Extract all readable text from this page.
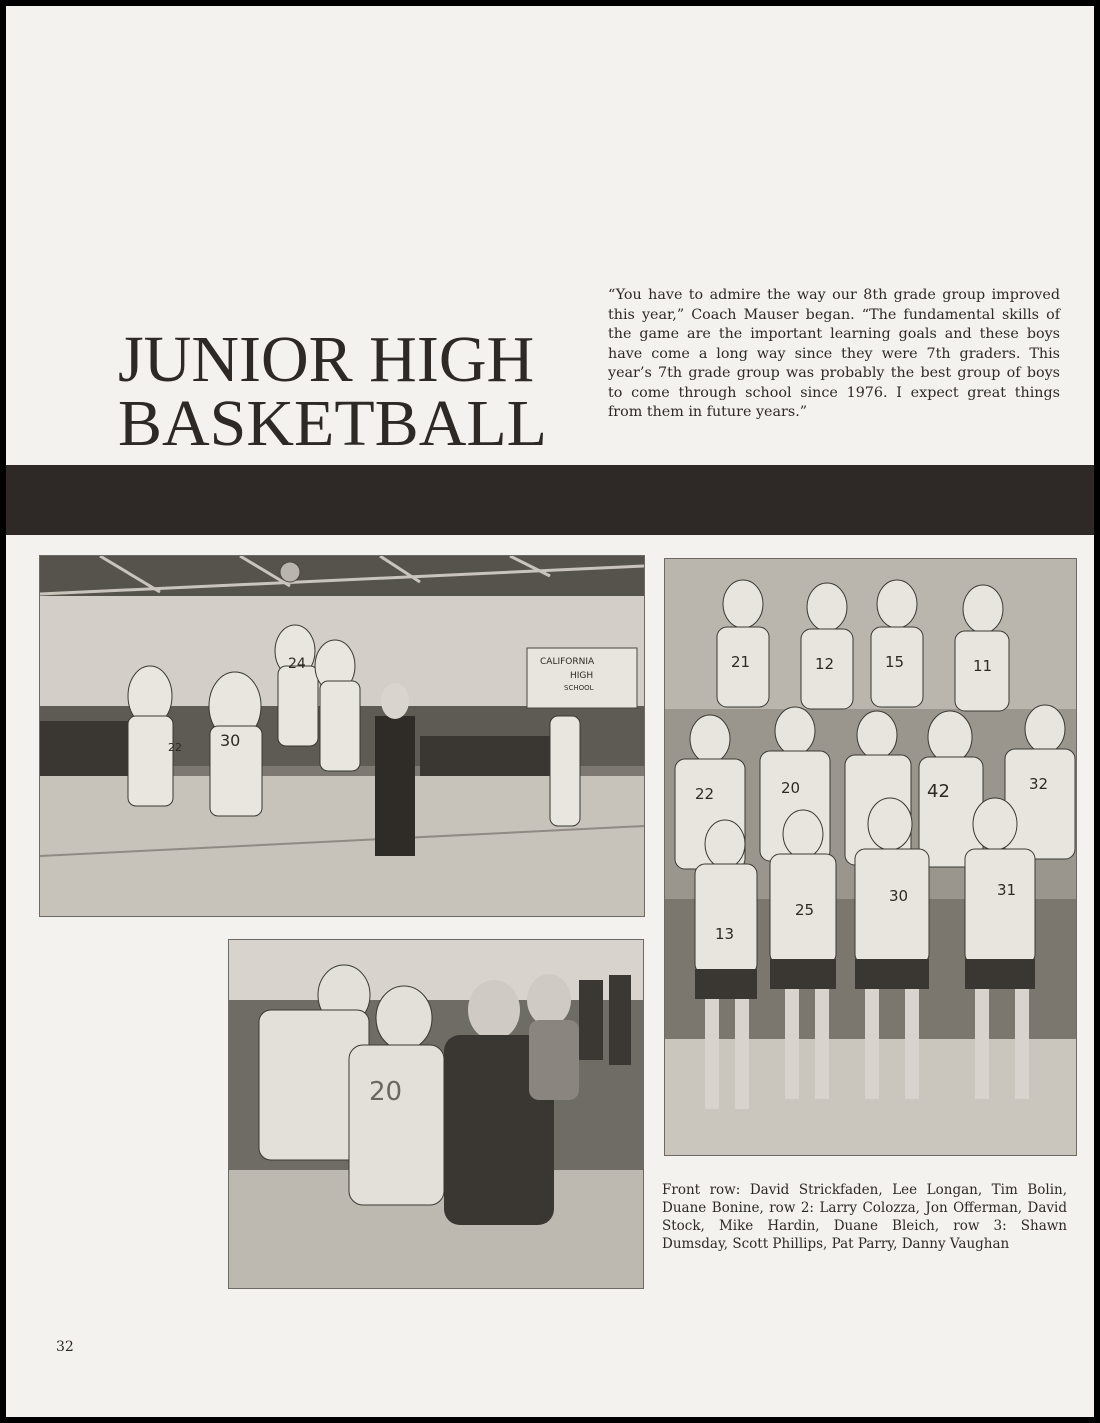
JUNIOR HIGH
BASKETBALL
“You have to admire the way our 8th grade group improved this year,” Coach Mauser began. “The fundamental skills of the game are the important learning goals and these boys have come a long way since they were 7th graders. This year’s 7th grade group was probably the best group of boys to come through school since 1976. I expect great things from them in future years.”
CALIFORNIA
HIGH
SCHOOL
24
30
22
20
21	12	15	11
22	20	42	32
13
25
30	31
Front row: David Strickfaden, Lee Longan, Tim Bolin, Duane Bonine, row 2: Larry Colozza, Jon Offerman, David Stock, Mike Hardin, Duane Bleich, row 3: Shawn Dumsday, Scott Phillips, Pat Parry, Danny Vaughan
32
